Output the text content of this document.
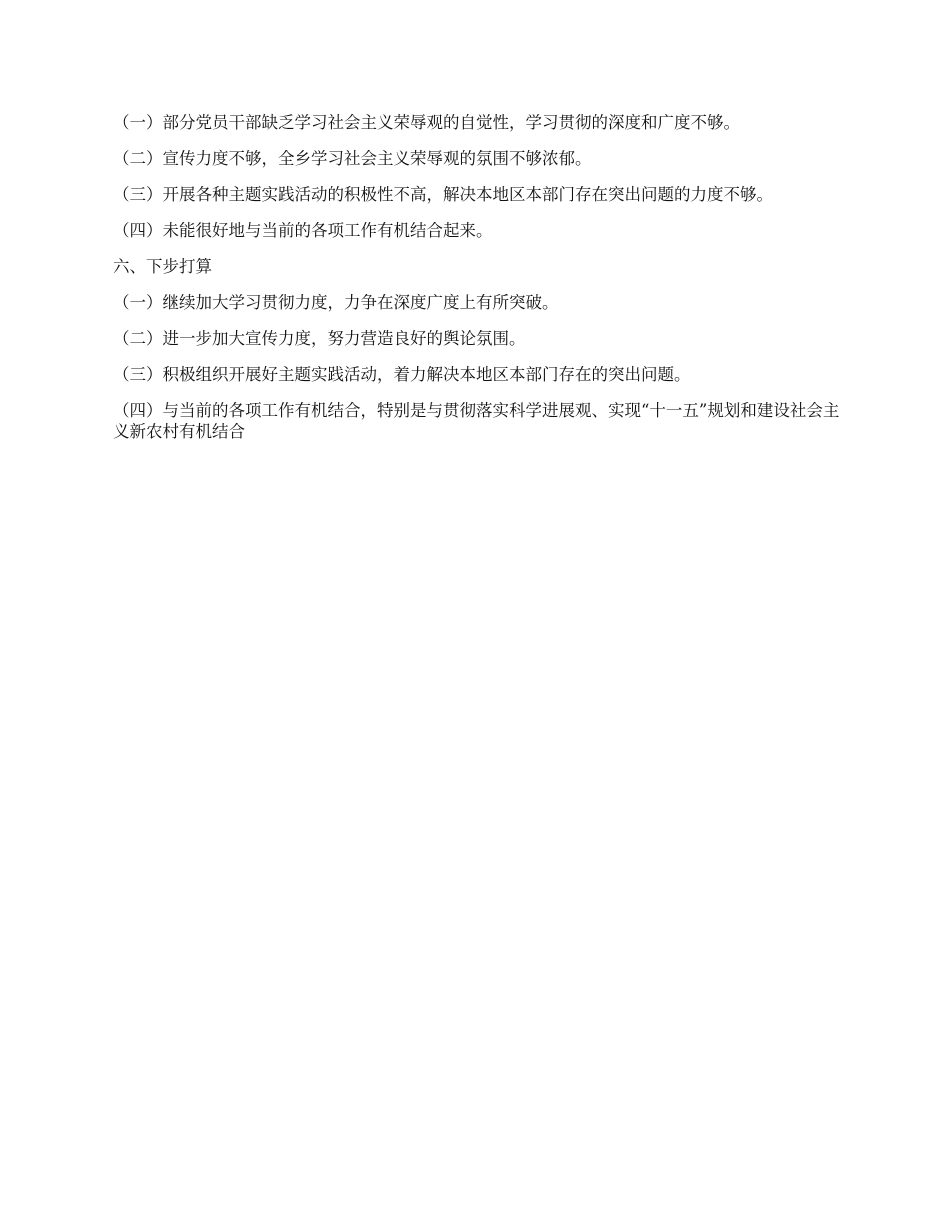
（一）部分党员干部缺乏学习社会主义荣辱观的自觉性，学习贯彻的深度和广度不够。

（二）宣传力度不够，全乡学习社会主义荣辱观的氛围不够浓郁。

（三）开展各种主题实践活动的积极性不高，解决本地区本部门存在突出问题的力度不够。

（四）未能很好地与当前的各项工作有机结合起来。

六、下步打算

（一）继续加大学习贯彻力度，力争在深度广度上有所突破。

（二）进一步加大宣传力度，努力营造良好的舆论氛围。

（三）积极组织开展好主题实践活动，着力解决本地区本部门存在的突出问题。

（四）与当前的各项工作有机结合，特别是与贯彻落实科学进展观、实现“十一五”规划和建设社会主义新农村有机结合
